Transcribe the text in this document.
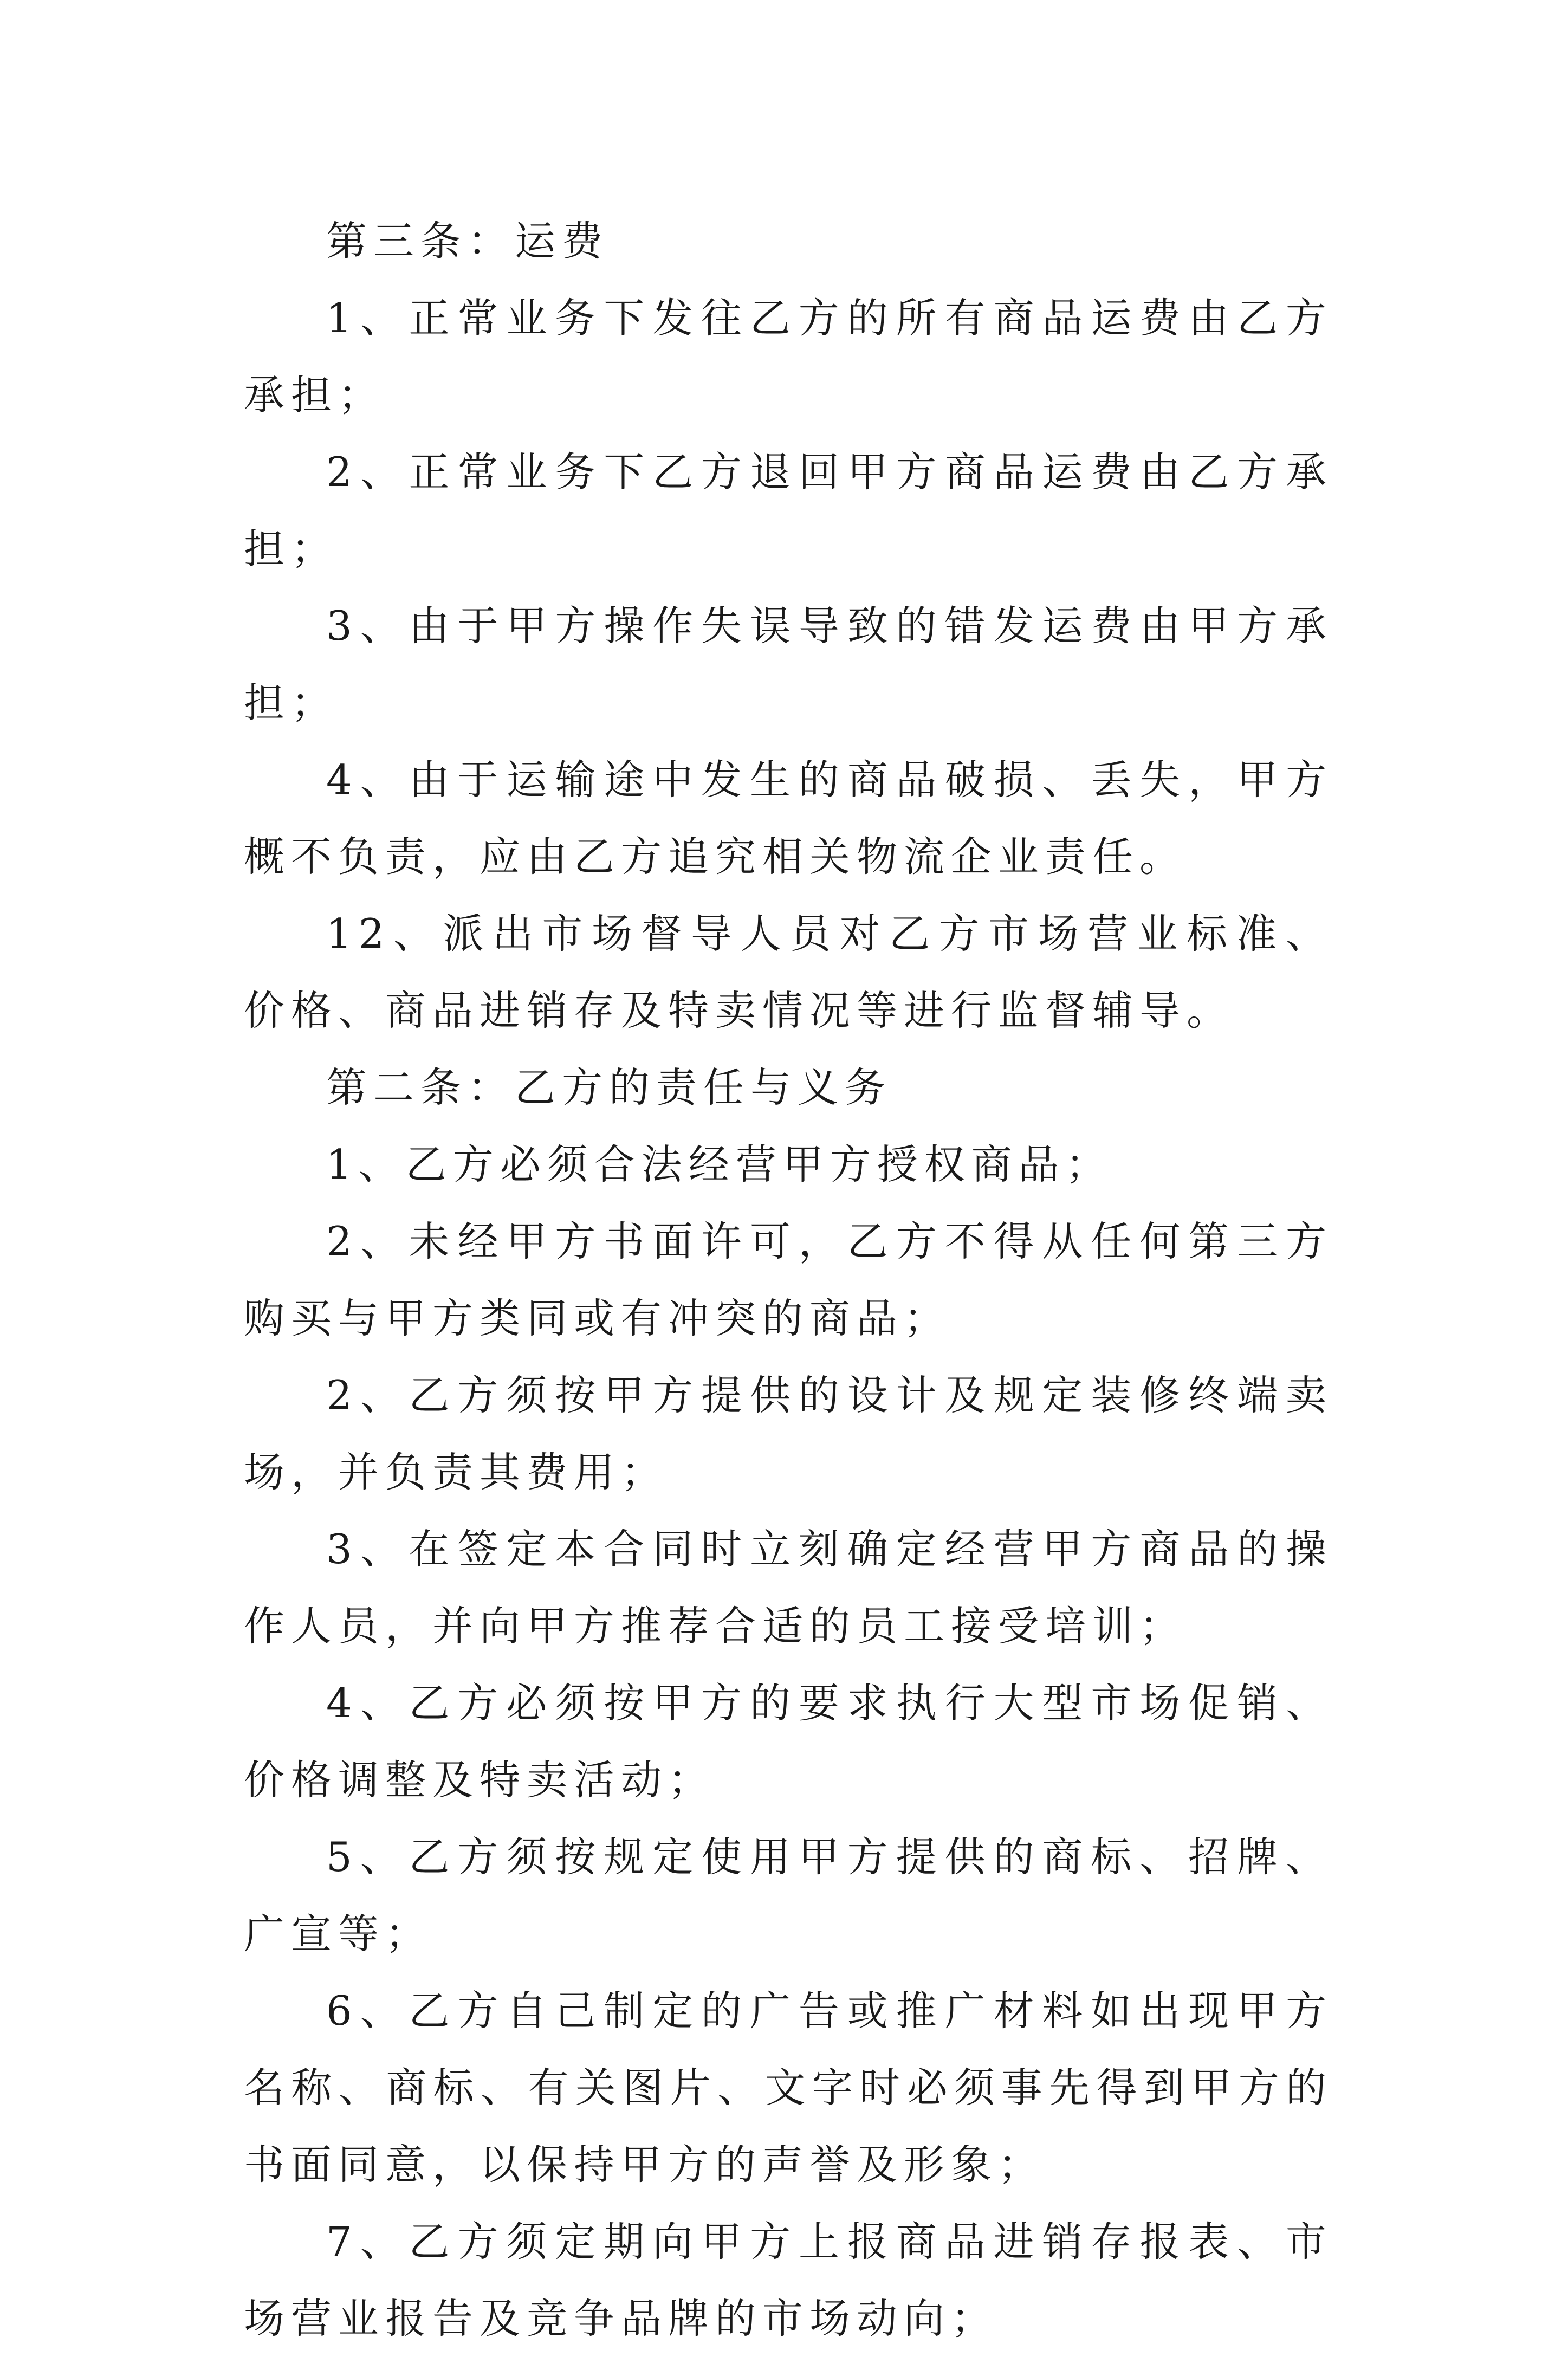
第三条：运费

1、正常业务下发往乙方的所有商品运费由乙方承担；

2、正常业务下乙方退回甲方商品运费由乙方承担；

3、由于甲方操作失误导致的错发运费由甲方承担；

4、由于运输途中发生的商品破损、丢失，甲方概不负责，应由乙方追究相关物流企业责任。

12、派出市场督导人员对乙方市场营业标准、价格、商品进销存及特卖情况等进行监督辅导。

第二条：乙方的责任与义务

1、乙方必须合法经营甲方授权商品；

2、未经甲方书面许可，乙方不得从任何第三方购买与甲方类同或有冲突的商品；

2、乙方须按甲方提供的设计及规定装修终端卖场，并负责其费用；

3、在签定本合同时立刻确定经营甲方商品的操作人员，并向甲方推荐合适的员工接受培训；

4、乙方必须按甲方的要求执行大型市场促销、价格调整及特卖活动；

5、乙方须按规定使用甲方提供的商标、招牌、广宣等；

6、乙方自己制定的广告或推广材料如出现甲方名称、商标、有关图片、文字时必须事先得到甲方的书面同意，以保持甲方的声誉及形象；

7、乙方须定期向甲方上报商品进销存报表、市场营业报告及竞争品牌的市场动向；
